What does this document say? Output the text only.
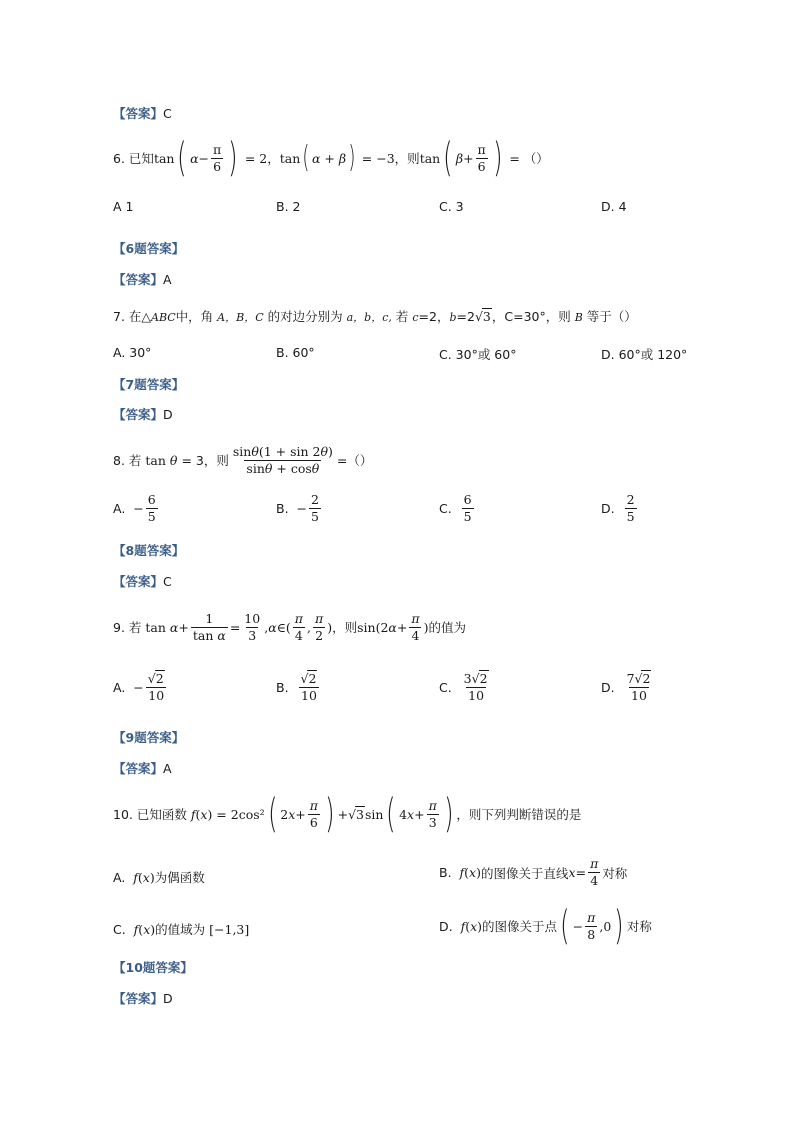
【答案】C
6.
已知 tan ( $\alpha - \frac{\pi}{6}$ ) = 2 ， tan ( α + β ) = −3 ，则 tan ( $\beta + \frac{\pi}{6}$ ) = （）
A 1	B. 2	C. 3	D. 4
【6题答案】
【答案】A
7. 在△ABC中，角 A，B，C 的对边分别为 a，b，c, 若 c=2，b=2√3，C=30°，则 B 等于（）
A. 30°	B. 60°	C. 30°或 60°	D. 60°或 120°
【7题答案】
【答案】D
8.
若 tan θ
= 3，则 $\frac{\sin\theta(1 + \sin 2\theta)}{\sin\theta + \cos\theta}$ =（）
A.
− $\frac{6}{5}$	B.
− $\frac{2}{5}$	C.
$\frac{6}{5}$	D.
$\frac{2}{5}$
【8题答案】
【答案】C
9.
若 $\tan \alpha + \frac{1}{\text{tan α}} = \frac{10}{3}$ , α ∈( $\frac{\pi}{4}$ , $\frac{\pi}{2}$ ) ，则 sin(2 $\alpha + \frac{\pi}{4}$ ) 的值为
A.
− $\frac{√2}{10}$	B.
$\frac{√2}{10}$	C.
$\frac{3√2}{10}$	D.
$\frac{7√2}{10}$
【9题答案】
【答案】A
10.
已知函数 f ( x ) = 2cos² ( 2 $x + \frac{\pi}{6}$ ) +√3sin ( 4 $x + \frac{\pi}{3}$ ) ，则下列判断错误的是
A. f(x)为偶函数	B.
f ( x ) 的图像关于直线 $x = \frac{\pi}{4}$ 对称
C. f(x)的值域为 [−1,3]	D.
f ( x ) 的图像关于点 ( − $\frac{\pi}{8} ,0$ ) 对称
【10题答案】
【答案】D
